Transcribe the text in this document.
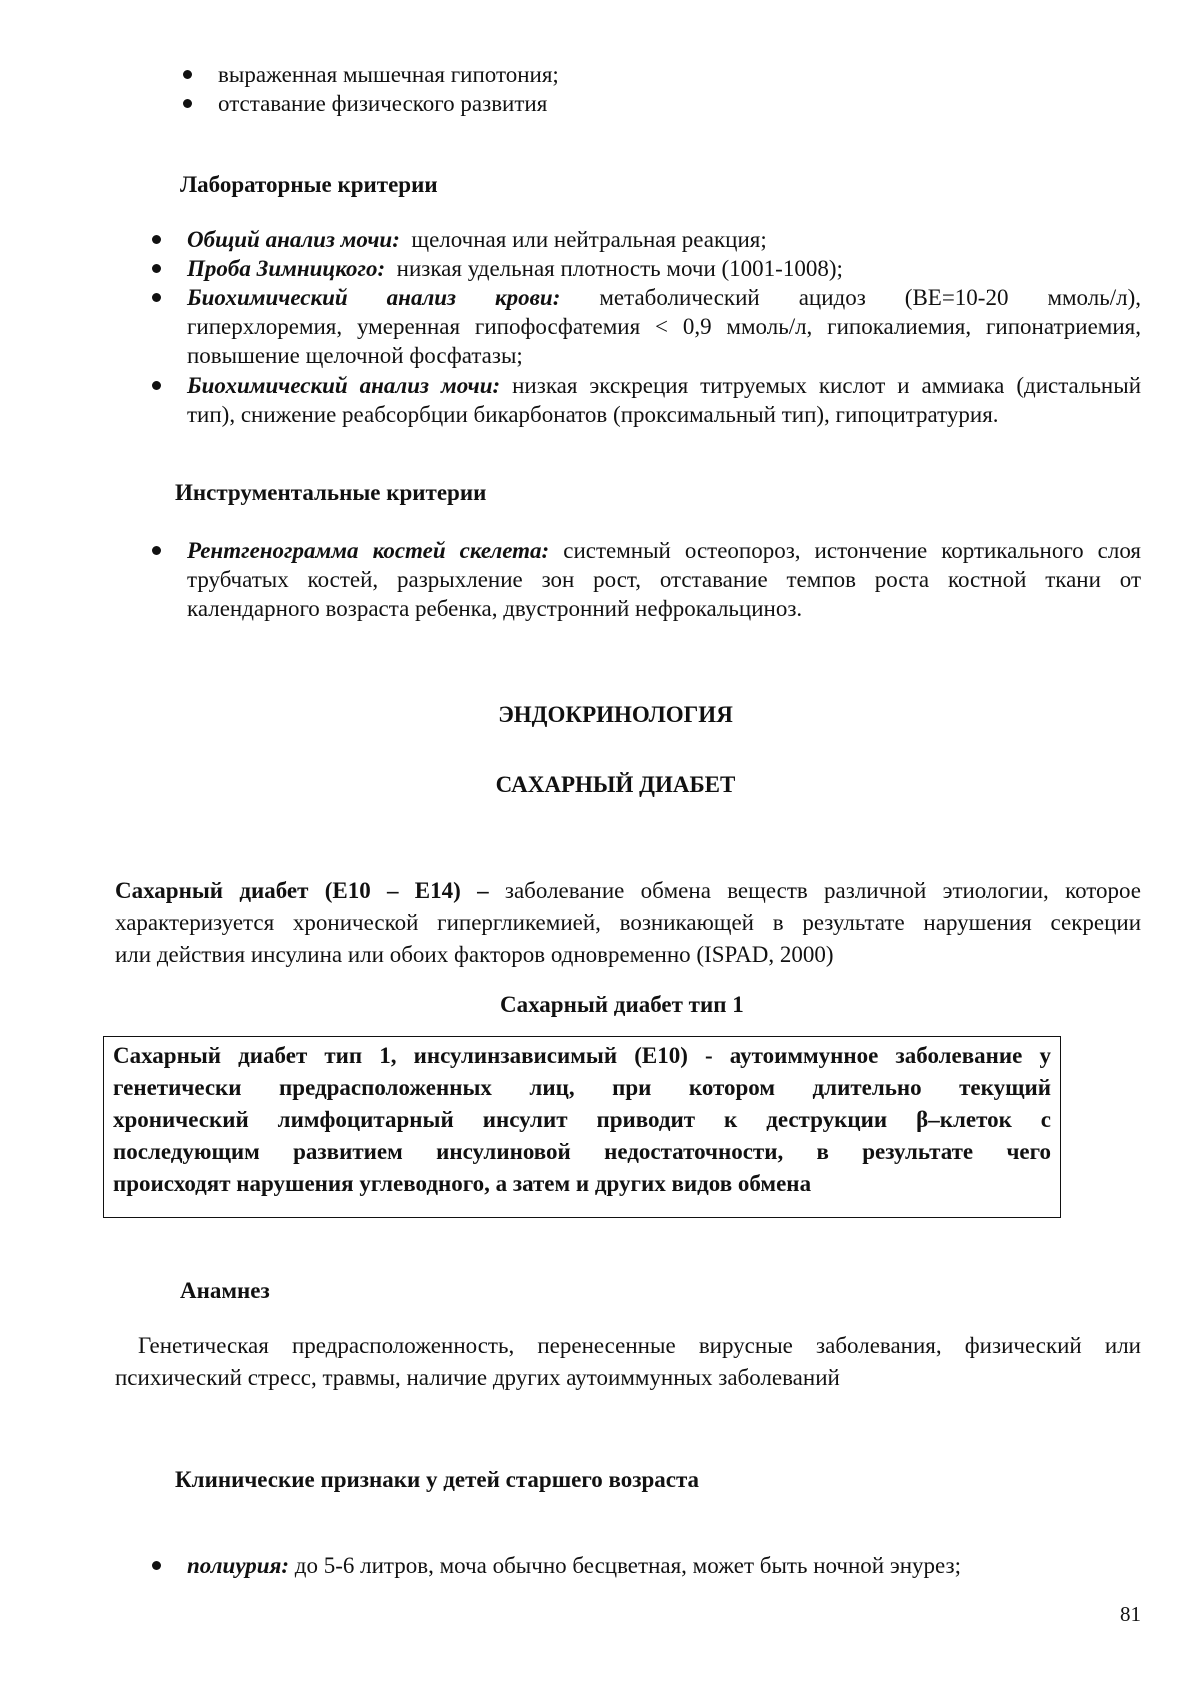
выраженная мышечная гипотония;
отставание физического развития
Лабораторные критерии
Общий анализ мочи: щелочная или нейтральная реакция;
Проба Зимницкого: низкая удельная плотность мочи (1001-1008);
Биохимический анализ крови: метаболический ацидоз (BE=10-20 ммоль/л),
гиперхлоремия, умеренная гипофосфатемия < 0,9 ммоль/л, гипокалиемия, гипонатриемия,
повышение щелочной фосфатазы;
Биохимический анализ мочи: низкая экскреция титруемых кислот и аммиака (дистальный
тип), снижение реабсорбции бикарбонатов (проксимальный тип), гипоцитратурия.
Инструментальные критерии
Рентгенограмма костей скелета: системный остеопороз, истончение кортикального слоя
трубчатых костей, разрыхление зон рост, отставание темпов роста костной ткани от
календарного возраста ребенка, двустронний нефрокальциноз.
ЭНДОКРИНОЛОГИЯ
САХАРНЫЙ ДИАБЕТ
Сахарный диабет (Е10 – Е14) – заболевание обмена веществ различной этиологии, которое
характеризуется хронической гипергликемией, возникающей в результате нарушения секреции
или действия инсулина или обоих факторов одновременно (ISPAD, 2000)
Сахарный диабет тип 1
Сахарный диабет тип 1, инсулинзависимый (Е10) - аутоиммунное заболевание у
генетически предрасположенных лиц, при котором длительно текущий
хронический лимфоцитарный инсулит приводит к деструкции β–клеток с
последующим развитием инсулиновой недостаточности, в результате чего
происходят нарушения углеводного, а затем и других видов обмена
Анамнез
Генетическая предрасположенность, перенесенные вирусные заболевания, физический или
психический стресс, травмы, наличие других аутоиммунных заболеваний
Клинические признаки у детей старшего возраста
полиурия: до 5-6 литров, моча обычно бесцветная, может быть ночной энурез;
81
